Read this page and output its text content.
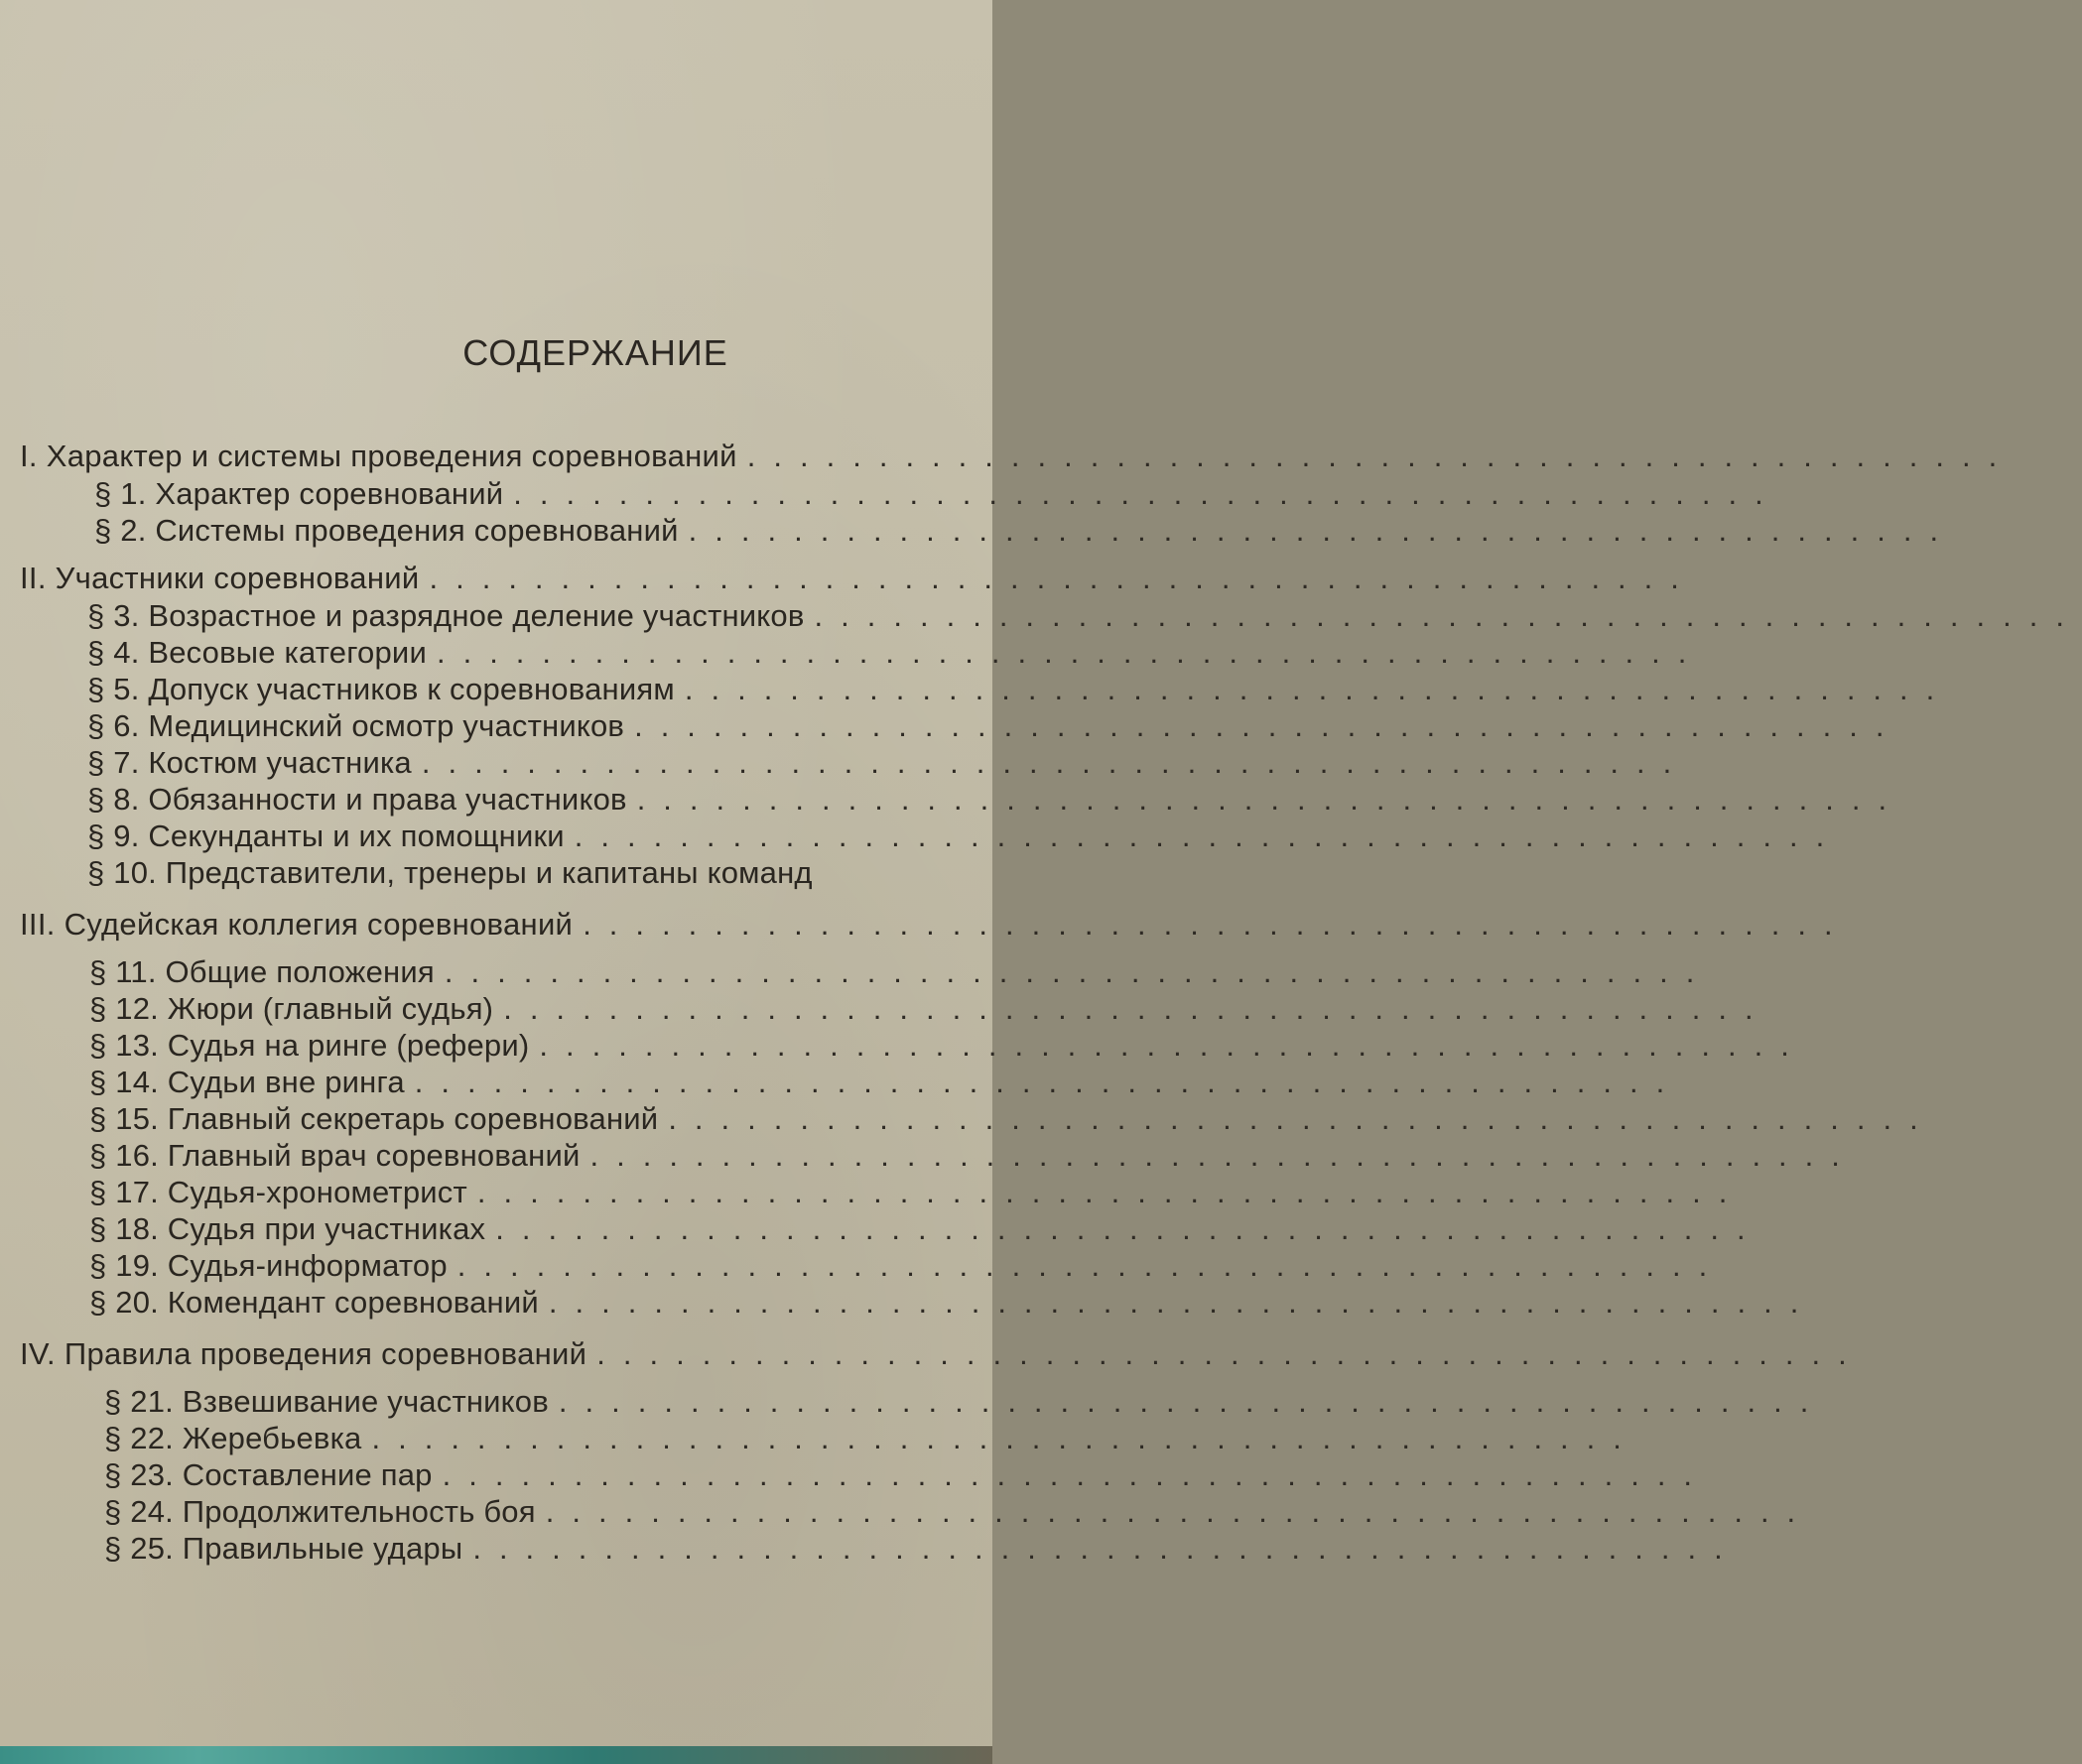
СОДЕРЖАНИЕ
I. Характер и системы проведения соревнований ................................................
§ 1. Характер соревнований ................................................
§ 2. Системы проведения соревнований ................................................
II. Участники соревнований ................................................
§ 3. Возрастное и разрядное деление участников ................................................
§ 4. Весовые категории ................................................
§ 5. Допуск участников к соревнованиям ................................................
§ 6. Медицинский осмотр участников ................................................
§ 7. Костюм участника ................................................
§ 8. Обязанности и права участников ................................................
§ 9. Секунданты и их помощники ................................................
§ 10. Представители, тренеры и капитаны команд
III. Судейская коллегия соревнований ................................................
§ 11. Общие положения ................................................
§ 12. Жюри (главный судья) ................................................
§ 13. Судья на ринге (рефери) ................................................
§ 14. Судьи вне ринга ................................................
§ 15. Главный секретарь соревнований ................................................
§ 16. Главный врач соревнований ................................................
§ 17. Судья-хронометрист ................................................
§ 18. Судья при участниках ................................................
§ 19. Судья-информатор ................................................
§ 20. Комендант соревнований ................................................
IV. Правила проведения соревнований ................................................
§ 21. Взвешивание участников ................................................
§ 22. Жеребьевка ................................................
§ 23. Составление пар ................................................
§ 24. Продолжительность боя ................................................
§ 25. Правильные удары ................................................
